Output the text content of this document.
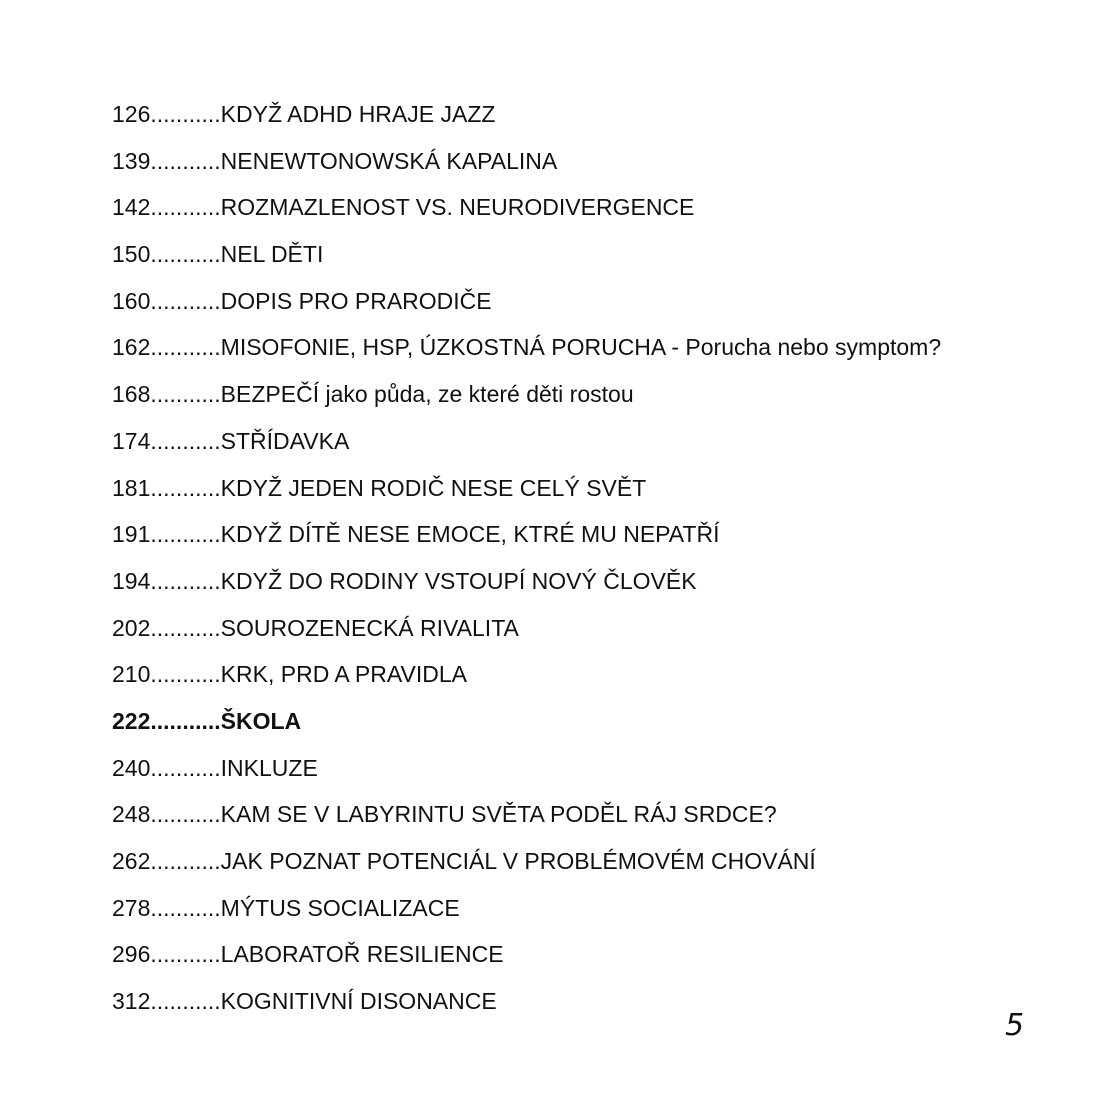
126...........KDYŽ ADHD HRAJE JAZZ
139...........NENEWTONOWSKÁ KAPALINA
142...........ROZMAZLENOST VS. NEURODIVERGENCE
150...........NEL DĚTI
160...........DOPIS PRO PRARODIČE
162...........MISOFONIE, HSP, ÚZKOSTNÁ PORUCHA - Porucha nebo symptom?
168...........BEZPEČÍ jako půda, ze které děti rostou
174...........STŘÍDAVKA
181...........KDYŽ JEDEN RODIČ NESE CELÝ SVĚT
191...........KDYŽ DÍTĚ NESE EMOCE, KTRÉ MU NEPATŘÍ
194...........KDYŽ DO RODINY VSTOUPÍ NOVÝ ČLOVĚK
202...........SOUROZENECKÁ RIVALITA
210...........KRK, PRD A PRAVIDLA
222...........ŠKOLA
240...........INKLUZE
248...........KAM SE V LABYRINTU SVĚTA PODĚL RÁJ SRDCE?
262...........JAK POZNAT POTENCIÁL V PROBLÉMOVÉM CHOVÁNÍ
278...........MÝTUS SOCIALIZACE
296...........LABORATOŘ RESILIENCE
312...........KOGNITIVNÍ DISONANCE
5
